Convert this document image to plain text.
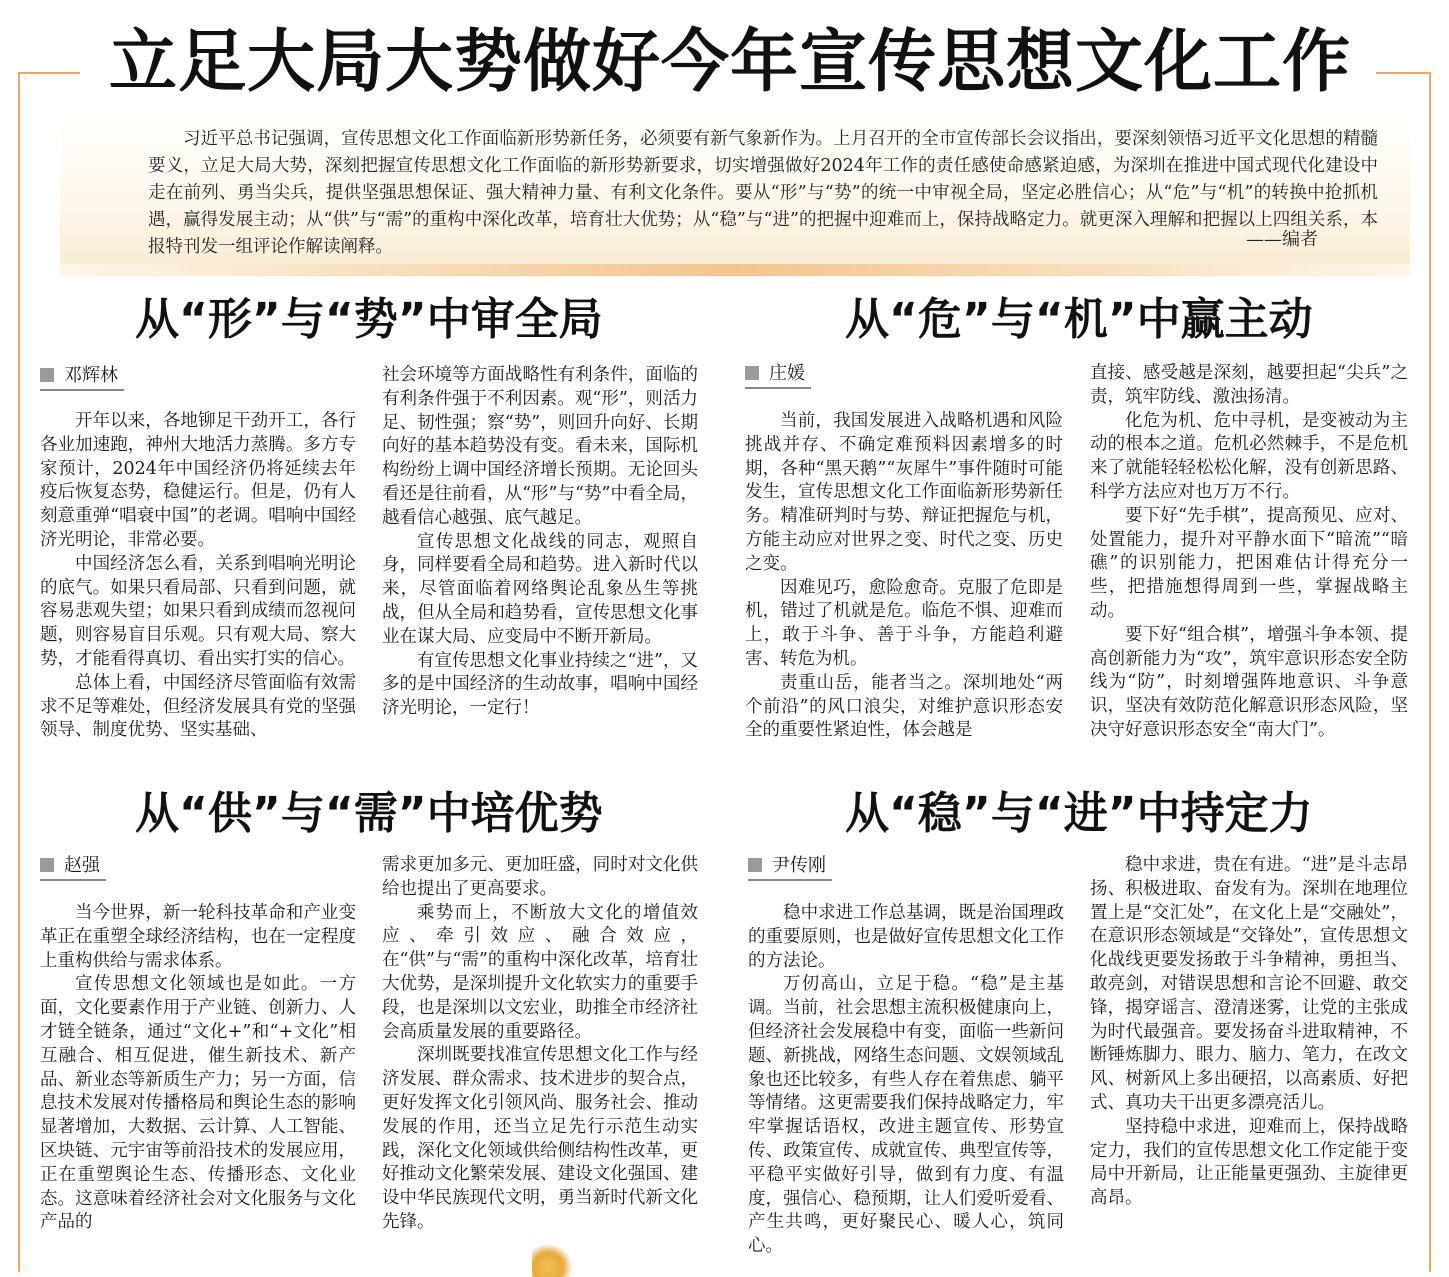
立足大局大势做好今年宣传思想文化工作

习近平总书记强调，宣传思想文化工作面临新形势新任务，必须要有新气象新作为。上月召开的全市宣传部长会议指出，要深刻领悟习近平文化思想的精髓要义，立足大局大势，深刻把握宣传思想文化工作面临的新形势新要求，切实增强做好2024年工作的责任感使命感紧迫感，为深圳在推进中国式现代化建设中走在前列、勇当尖兵，提供坚强思想保证、强大精神力量、有利文化条件。要从“形”与“势”的统一中审视全局，坚定必胜信心；从“危”与“机”的转换中抢抓机遇，赢得发展主动；从“供”与“需”的重构中深化改革，培育壮大优势；从“稳”与“进”的把握中迎难而上，保持战略定力。就更深入理解和把握以上四组关系，本报特刊发一组评论作解读阐释。	——编者
从“形”与“势”中审全局
邓辉林

开年以来，各地铆足干劲开工，各行各业加速跑，神州大地活力蒸腾。多方专家预计，2024年中国经济仍将延续去年疫后恢复态势，稳健运行。但是，仍有人刻意重弹“唱衰中国”的老调。唱响中国经济光明论，非常必要。

中国经济怎么看，关系到唱响光明论的底气。如果只看局部、只看到问题，就容易悲观失望；如果只看到成绩而忽视问题，则容易盲目乐观。只有观大局、察大势，才能看得真切、看出实打实的信心。

总体上看，中国经济尽管面临有效需求不足等难处，但经济发展具有党的坚强领导、制度优势、坚实基础、

社会环境等方面战略性有利条件，面临的有利条件强于不利因素。观“形”，则活力足、韧性强；察“势”，则回升向好、长期向好的基本趋势没有变。看未来，国际机构纷纷上调中国经济增长预期。无论回头看还是往前看，从“形”与“势”中看全局，越看信心越强、底气越足。

宣传思想文化战线的同志，观照自身，同样要看全局和趋势。进入新时代以来，尽管面临着网络舆论乱象丛生等挑战，但从全局和趋势看，宣传思想文化事业在谋大局、应变局中不断开新局。

有宣传思想文化事业持续之“进”，又多的是中国经济的生动故事，唱响中国经济光明论，一定行！

从“危”与“机”中赢主动
庄媛

当前，我国发展进入战略机遇和风险挑战并存、不确定难预料因素增多的时期，各种“黑天鹅”“灰犀牛”事件随时可能发生，宣传思想文化工作面临新形势新任务。精准研判时与势、辩证把握危与机，方能主动应对世界之变、时代之变、历史之变。

因难见巧，愈险愈奇。克服了危即是机，错过了机就是危。临危不惧、迎难而上，敢于斗争、善于斗争，方能趋利避害、转危为机。

责重山岳，能者当之。深圳地处“两个前沿”的风口浪尖，对维护意识形态安全的重要性紧迫性，体会越是

直接、感受越是深刻，越要担起“尖兵”之责，筑牢防线、激浊扬清。

化危为机、危中寻机，是变被动为主动的根本之道。危机必然棘手，不是危机来了就能轻轻松松化解，没有创新思路、科学方法应对也万万不行。

要下好“先手棋”，提高预见、应对、处置能力，提升对平静水面下“暗流”“暗礁”的识别能力，把困难估计得充分一些，把措施想得周到一些，掌握战略主动。

要下好“组合棋”，增强斗争本领、提高创新能力为“攻”，筑牢意识形态安全防线为“防”，时刻增强阵地意识、斗争意识，坚决有效防范化解意识形态风险，坚决守好意识形态安全“南大门”。

从“供”与“需”中培优势
赵强

当今世界，新一轮科技革命和产业变革正在重塑全球经济结构，也在一定程度上重构供给与需求体系。

宣传思想文化领域也是如此。一方面，文化要素作用于产业链、创新力、人才链全链条，通过“文化+”和“+文化”相互融合、相互促进，催生新技术、新产品、新业态等新质生产力；另一方面，信息技术发展对传播格局和舆论生态的影响显著增加，大数据、云计算、人工智能、区块链、元宇宙等前沿技术的发展应用，正在重塑舆论生态、传播形态、文化业态。这意味着经济社会对文化服务与文化产品的

需求更加多元、更加旺盛，同时对文化供给也提出了更高要求。

乘势而上，不断放大文化的增值效应、牵引效应、融合效应，在“供”与“需”的重构中深化改革，培育壮大优势，是深圳提升文化软实力的重要手段，也是深圳以文宏业，助推全市经济社会高质量发展的重要路径。

深圳既要找准宣传思想文化工作与经济发展、群众需求、技术进步的契合点，更好发挥文化引领风尚、服务社会、推动发展的作用，还当立足先行示范生动实践，深化文化领域供给侧结构性改革，更好推动文化繁荣发展、建设文化强国、建设中华民族现代文明，勇当新时代新文化先锋。

从“稳”与“进”中持定力
尹传刚

稳中求进工作总基调，既是治国理政的重要原则，也是做好宣传思想文化工作的方法论。

万仞高山，立足于稳。“稳”是主基调。当前，社会思想主流积极健康向上，但经济社会发展稳中有变，面临一些新问题、新挑战，网络生态问题、文娱领域乱象也还比较多，有些人存在着焦虑、躺平等情绪。这更需要我们保持战略定力，牢牢掌握话语权，改进主题宣传、形势宣传、政策宣传、成就宣传、典型宣传等，平稳平实做好引导，做到有力度、有温度，强信心、稳预期，让人们爱听爱看、产生共鸣，更好聚民心、暖人心，筑同心。

稳中求进，贵在有进。“进”是斗志昂扬、积极进取、奋发有为。深圳在地理位置上是“交汇处”，在文化上是“交融处”，在意识形态领域是“交锋处”，宣传思想文化战线更要发扬敢于斗争精神，勇担当、敢亮剑，对错误思想和言论不回避、敢交锋，揭穿谣言、澄清迷雾，让党的主张成为时代最强音。要发扬奋斗进取精神，不断锤炼脚力、眼力、脑力、笔力，在改文风、树新风上多出硬招，以高素质、好把式、真功夫干出更多漂亮活儿。

坚持稳中求进，迎难而上，保持战略定力，我们的宣传思想文化工作定能于变局中开新局，让正能量更强劲、主旋律更高昂。
